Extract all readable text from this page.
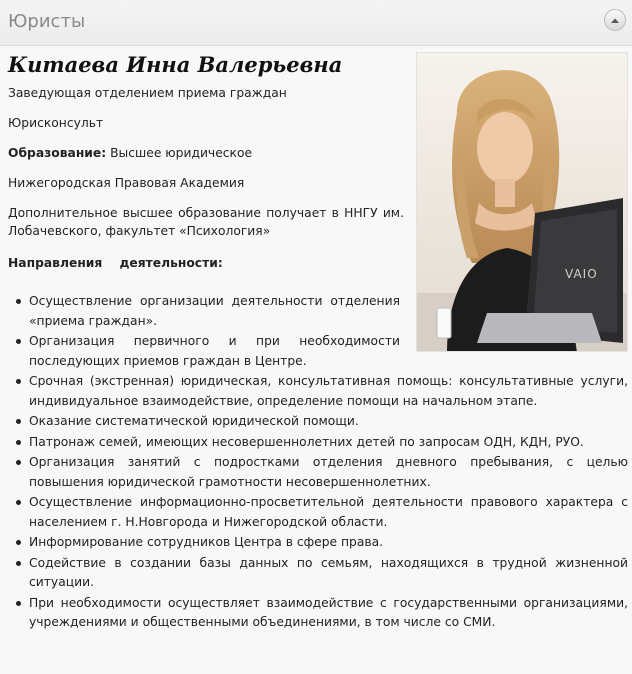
Юристы
Китаева Инна Валерьевна
Заведующая отделением приема граждан
Юрисконсульт
Образование: Высшее юридическое
Нижегородская Правовая Академия
Дополнительное высшее образование получает в ННГУ им. Лобачевского, факультет «Психология»
Направления    деятельности:
VAIO
Осуществление организации деятельности отделения «приема граждан».
Организация первичного и при необходимости последующих приемов граждан в Центре.
Срочная (экстренная) юридическая, консультативная помощь: консультативные услуги, индивидуальное взаимодействие, определение помощи на начальном этапе.
Оказание систематической юридической помощи.
Патронаж семей, имеющих несовершеннолетних детей по запросам ОДН, КДН, РУО.
Организация занятий с подростками отделения дневного пребывания, с целью повышения юридической грамотности несовершеннолетних.
Осуществление информационно-просветительной деятельности правового характера с населением г. Н.Новгорода и Нижегородской области.
Информирование сотрудников Центра в сфере права.
Содействие в создании базы данных по семьям, находящихся в трудной жизненной ситуации.
При необходимости осуществляет взаимодействие с государственными организациями, учреждениями и общественными объединениями, в том числе со СМИ.
